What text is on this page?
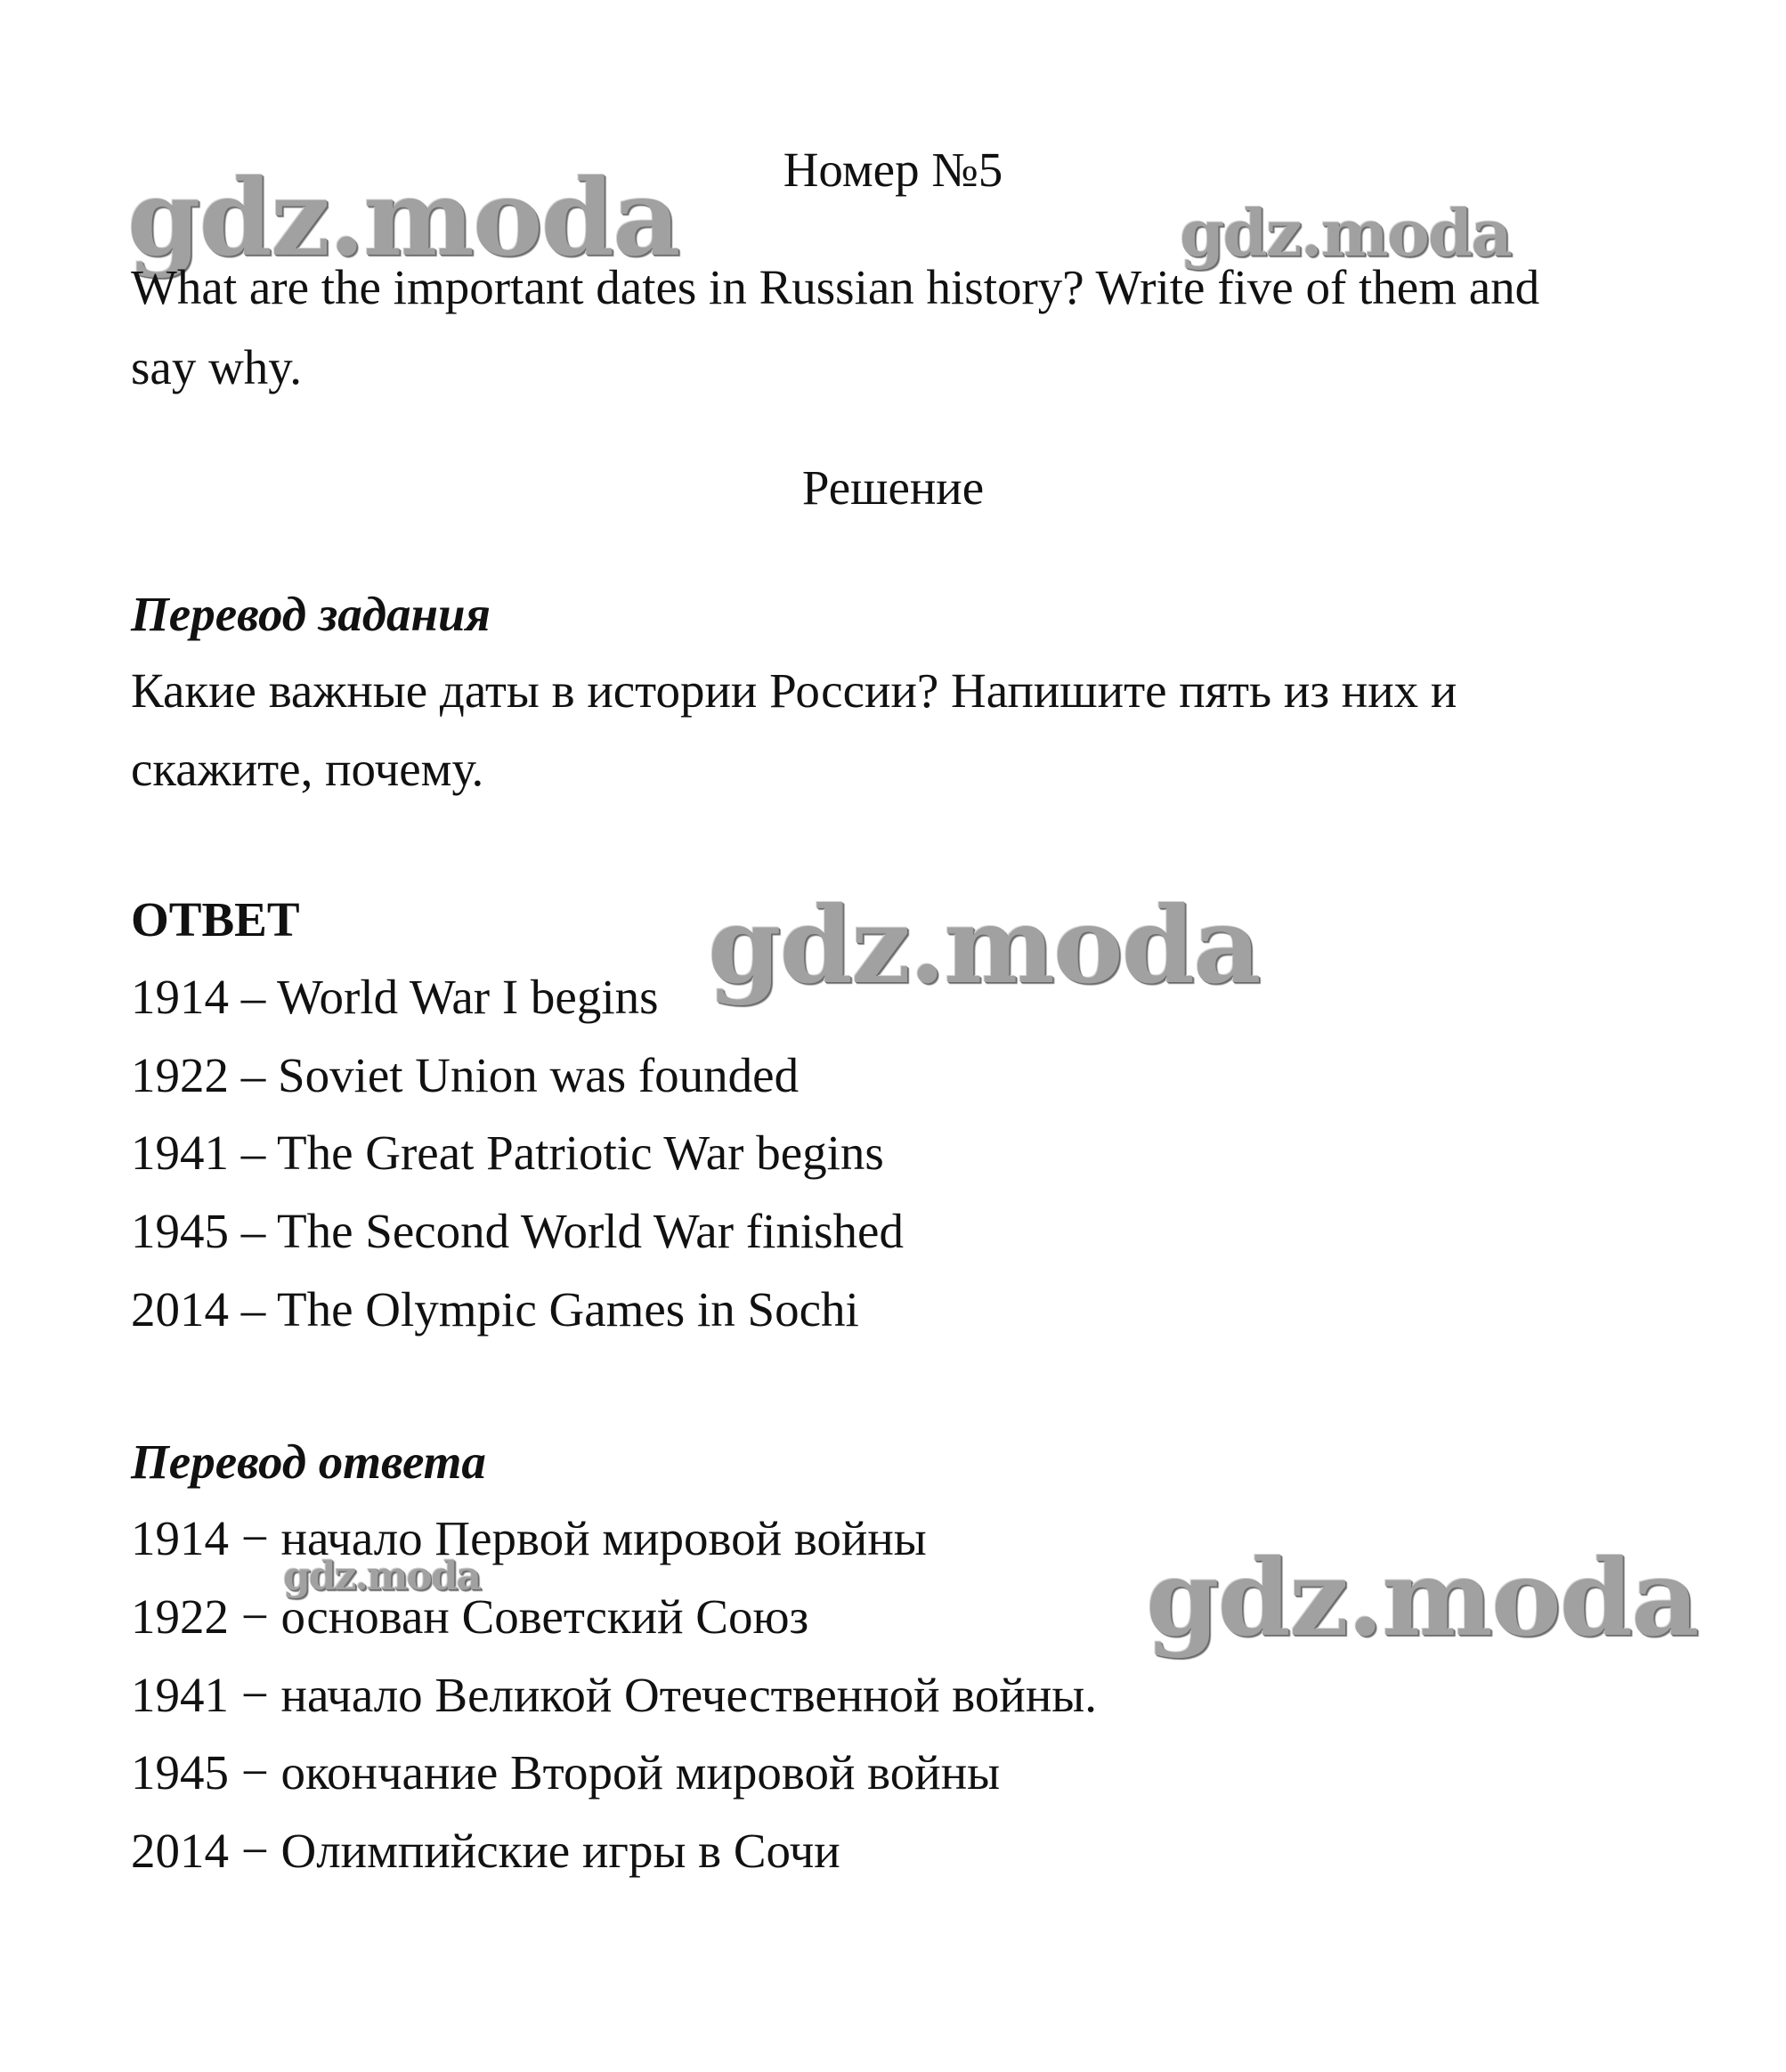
gdz.moda	gdz.moda
gdz.moda
gdz.moda	gdz.moda
Номер №5
What are the important dates in Russian history? Write five of them and
say why.
Решение
Перевод задания
Какие важные даты в истории России? Напишите пять из них и
скажите, почему.
ОТВЕТ
1914 – World War I begins
1922 – Soviet Union was founded
1941 – The Great Patriotic War begins
1945 – The Second World War finished
2014 – The Olympic Games in Sochi
Перевод ответа
1914 − начало Первой мировой войны
1922 − основан Советский Союз
1941 − начало Великой Отечественной войны.
1945 − окончание Второй мировой войны
2014 − Олимпийские игры в Сочи
